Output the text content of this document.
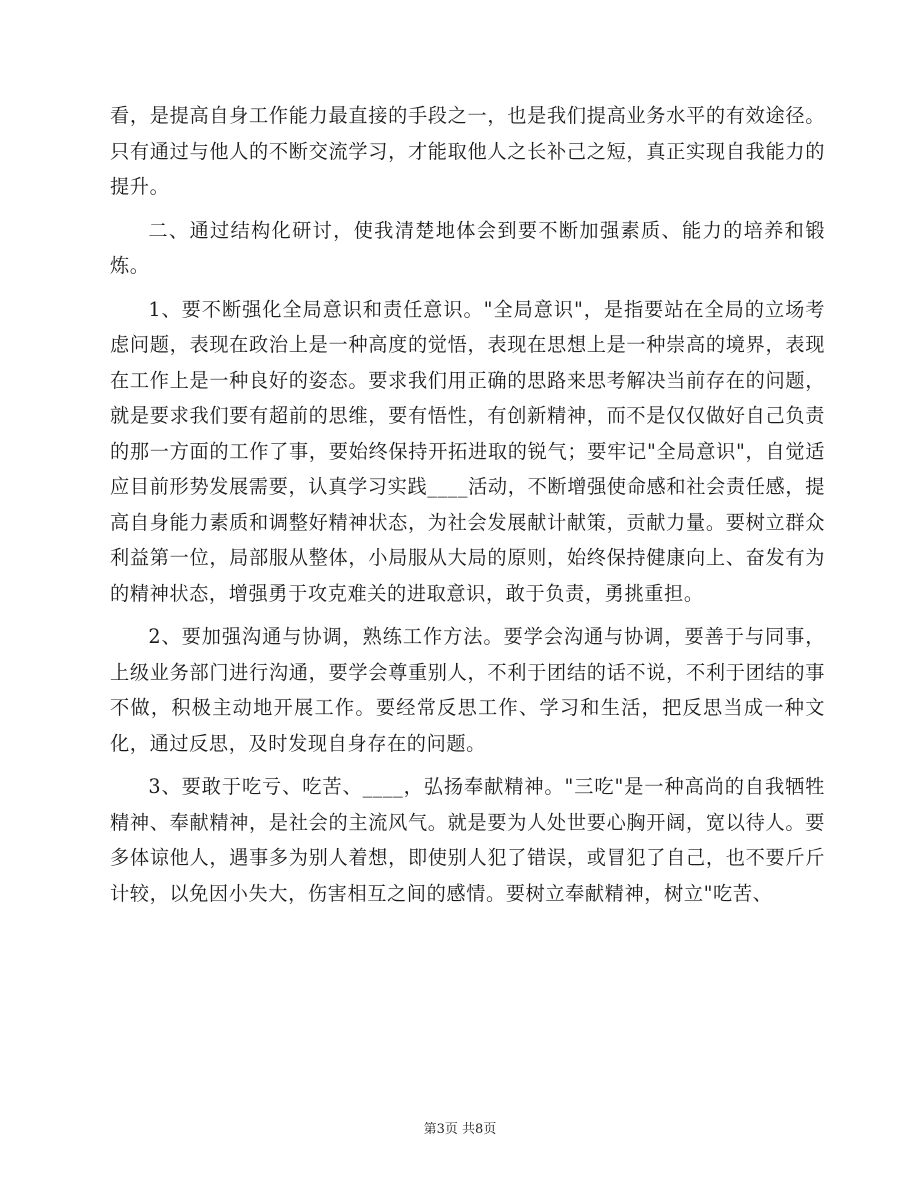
看，是提高自身工作能力最直接的手段之一，也是我们提高业务水平的有效途径。只有通过与他人的不断交流学习，才能取他人之长补己之短，真正实现自我能力的提升。

二、通过结构化研讨，使我清楚地体会到要不断加强素质、能力的培养和锻炼。

1、要不断强化全局意识和责任意识。"全局意识"，是指要站在全局的立场考虑问题，表现在政治上是一种高度的觉悟，表现在思想上是一种崇高的境界，表现在工作上是一种良好的姿态。要求我们用正确的思路来思考解决当前存在的问题，就是要求我们要有超前的思维，要有悟性，有创新精神，而不是仅仅做好自己负责的那一方面的工作了事，要始终保持开拓进取的锐气；要牢记"全局意识"，自觉适应目前形势发展需要，认真学习实践____活动，不断增强使命感和社会责任感，提高自身能力素质和调整好精神状态，为社会发展献计献策，贡献力量。要树立群众利益第一位，局部服从整体，小局服从大局的原则，始终保持健康向上、奋发有为的精神状态，增强勇于攻克难关的进取意识，敢于负责，勇挑重担。

2、要加强沟通与协调，熟练工作方法。要学会沟通与协调，要善于与同事，上级业务部门进行沟通，要学会尊重别人，不利于团结的话不说，不利于团结的事不做，积极主动地开展工作。要经常反思工作、学习和生活，把反思当成一种文化，通过反思，及时发现自身存在的问题。

3、要敢于吃亏、吃苦、____，弘扬奉献精神。"三吃"是一种高尚的自我牺牲精神、奉献精神，是社会的主流风气。就是要为人处世要心胸开阔，宽以待人。要多体谅他人，遇事多为别人着想，即使别人犯了错误，或冒犯了自己，也不要斤斤计较，以免因小失大，伤害相互之间的感情。要树立奉献精神，树立"吃苦、

第3页 共8页
